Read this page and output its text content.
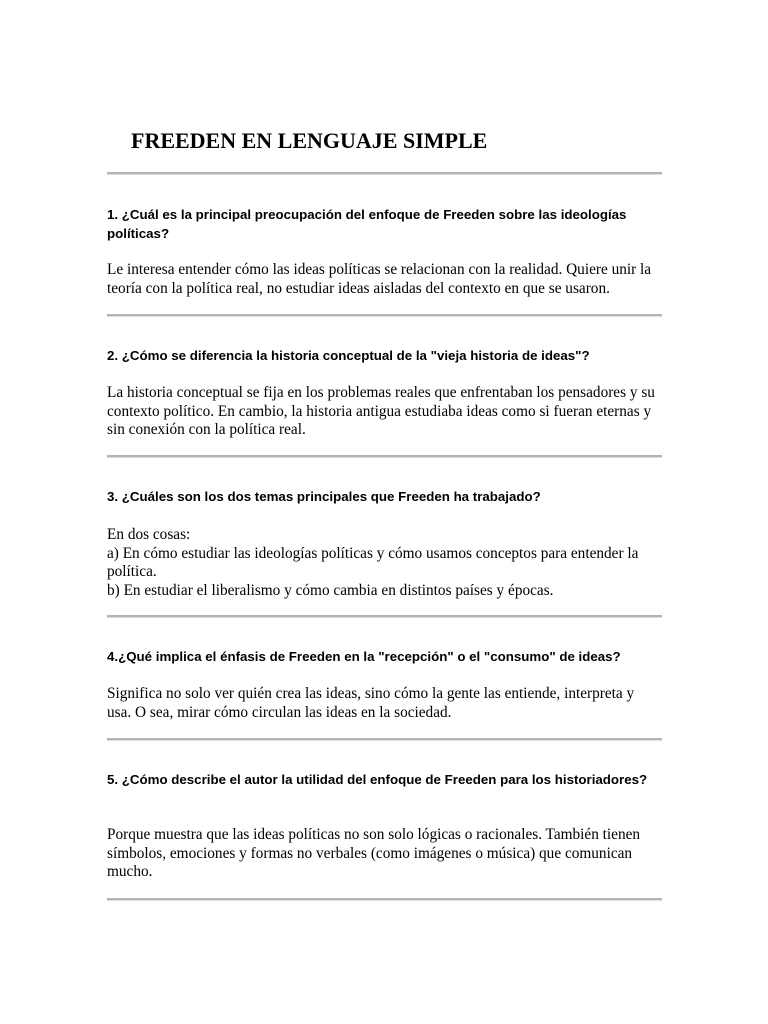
FREEDEN EN LENGUAJE SIMPLE

1. ¿Cuál es la principal preocupación del enfoque de Freeden sobre las ideologías políticas?

Le interesa entender cómo las ideas políticas se relacionan con la realidad. Quiere unir la teoría con la política real, no estudiar ideas aisladas del contexto en que se usaron.

2. ¿Cómo se diferencia la historia conceptual de la "vieja historia de ideas"?

La historia conceptual se fija en los problemas reales que enfrentaban los pensadores y su contexto político. En cambio, la historia antigua estudiaba ideas como si fueran eternas y sin conexión con la política real.

3. ¿Cuáles son los dos temas principales que Freeden ha trabajado?

En dos cosas:
a) En cómo estudiar las ideologías políticas y cómo usamos conceptos para entender la política.
b) En estudiar el liberalismo y cómo cambia en distintos países y épocas.

4.¿Qué implica el énfasis de Freeden en la "recepción" o el "consumo" de ideas?

Significa no solo ver quién crea las ideas, sino cómo la gente las entiende, interpreta y usa. O sea, mirar cómo circulan las ideas en la sociedad.

5. ¿Cómo describe el autor la utilidad del enfoque de Freeden para los historiadores?

Porque muestra que las ideas políticas no son solo lógicas o racionales. También tienen símbolos, emociones y formas no verbales (como imágenes o música) que comunican mucho.
